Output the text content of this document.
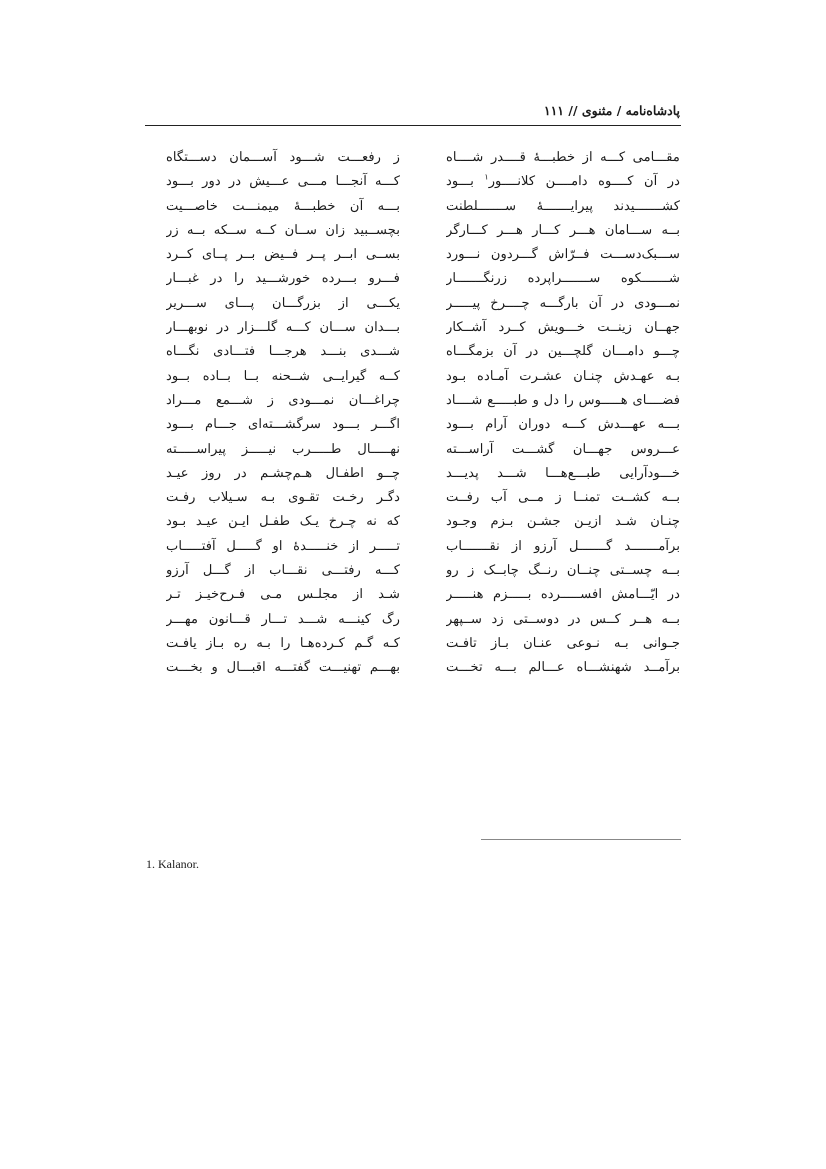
پادشاه‌نامه / مثنوی // ۱۱۱
مقـــامی کـــه از خطبـــۀ قــــدر شــــاه
در آن کــــوه دامــــن کلانــــور$^۱$ بـــود
کشـــــــیدند پیرایـــــــۀ ســـــــلطنت
بــه ســـامان هـــر کـــار هـــر کـــارگر
ســـبک‌دســـت فــرّاش گـــردون نـــورد
شـــــــکوه ســـــــراپرده زرنگـــــــار
نمـــودی در آن بارگـــه چــــرخ پیـــــر
جهــان زینــت خـــویش کــرد آشــکار
چـــو دامـــان گلچـــین در آن بزمگـــاه
بـه عهـدش چنـان عشـرت آمـاده بـود
فضــــای هـــــوس را دل و طبـــــع شــــاد
بـــه عهـــدش کـــه دوران آرام بـــود
عـــروس جهـــان گشـــت آراســـته
خـــودآرایی طبـــع‌هـــا شـــد پدیـــد
بــه کشــت تمنــا ز مــی آب رفــت
چنـان شـد ازیـن جشـن بـزم وجـود
برآمـــــــد گـــــــل آرزو از نقـــــــاب
بــه چســتی چنــان رنــگ چابــک ز رو
در ایّـــامش افســـــرده بـــــزم هنـــــر
بــه هــر کــس در دوســتی زد ســپهر
جـوانی بـه نـوعی عنـان بـاز تافـت
برآمــد شهنشـــاه عـــالم بـــه تخـــت
ز رفعـــت شـــود آســـمان دســـتگاه
کـــه آنجـــا مـــی عـــیش در دور بـــود
بـــه آن خطبـــۀ میمنـــت خاصـــیت
بچســبید زان ســان کــه ســکه بــه زر
بســی ابــر پــر فــیض بــر پــای کــرد
فـــرو بـــرده خورشـــید را در غبـــار
یکـــی از بزرگـــان پـــای ســـریر
بـــدان ســـان کـــه گلـــزار در نوبهـــار
شـــدی بنـــد هرجـــا فتـــادی نگـــاه
کــه گیرایــی شــحنه بــا بــاده بــود
چراغـــان نمـــودی ز شـــمع مـــراد
اگـــر بـــود سرگشـــته‌ای جـــام بـــود
نهـــــال طـــــرب نیـــــز پیراســـــته
چــو اطفـال هـم‌چشـم در روز عیـد
دگـر رخـت تقـوی بـه سـیلاب رفـت
که نه چـرخ یـک طفـل ایـن عیـد بـود
تـــــر از خنـــــدۀ او گـــــل آفتـــــاب
کـــه رفتـــی نقـــاب از گـــل آرزو
شـد از مجلـس مـی فـرح‌خیـز تـر
رگ کینـــه شـــد تـــار قـــانون مهـــر
کـه گـم کـرده‌هـا را بـه ره بـاز یافـت
بهـــم تهنیـــت گفتـــه اقبـــال و بخـــت
1. Kalanor.
